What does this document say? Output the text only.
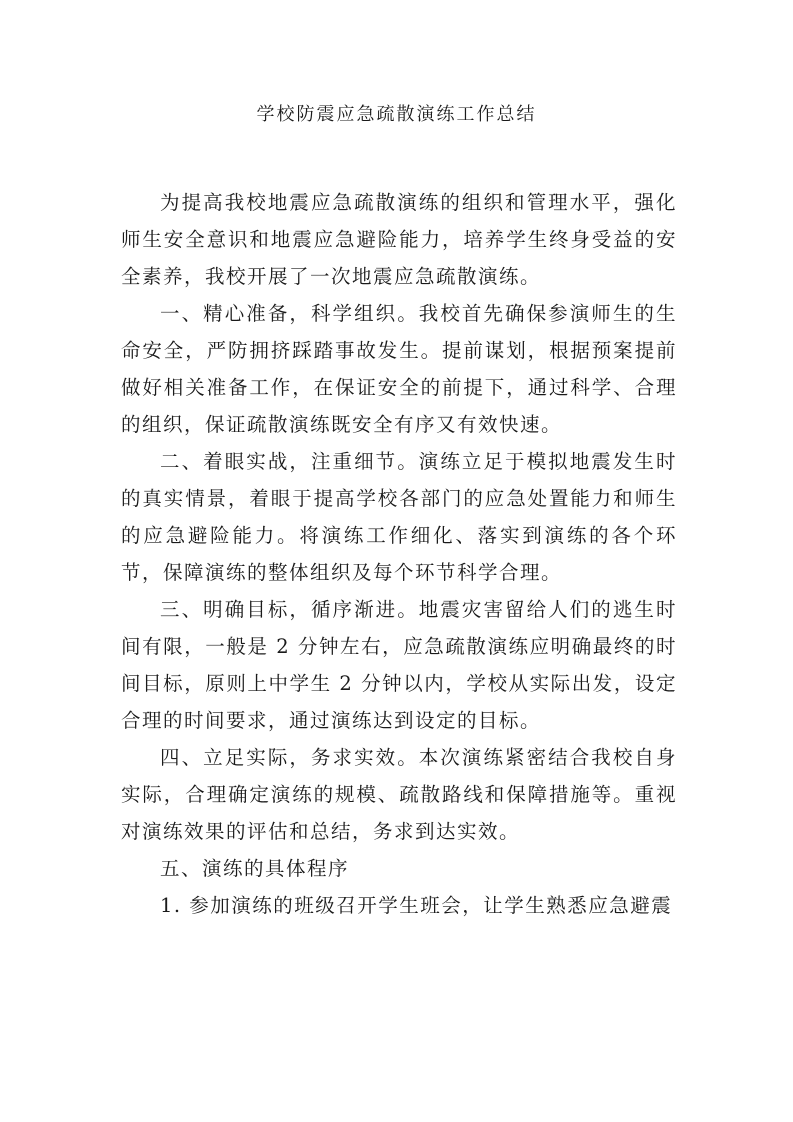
学校防震应急疏散演练工作总结

为提高我校地震应急疏散演练的组织和管理水平，强化师生安全意识和地震应急避险能力，培养学生终身受益的安全素养，我校开展了一次地震应急疏散演练。

一、精心准备，科学组织。我校首先确保参演师生的生命安全，严防拥挤踩踏事故发生。提前谋划，根据预案提前做好相关准备工作，在保证安全的前提下，通过科学、合理的组织，保证疏散演练既安全有序又有效快速。

二、着眼实战，注重细节。演练立足于模拟地震发生时的真实情景，着眼于提高学校各部门的应急处置能力和师生的应急避险能力。将演练工作细化、落实到演练的各个环节，保障演练的整体组织及每个环节科学合理。

三、明确目标，循序渐进。地震灾害留给人们的逃生时间有限，一般是 2 分钟左右，应急疏散演练应明确最终的时间目标，原则上中学生 2 分钟以内，学校从实际出发，设定合理的时间要求，通过演练达到设定的目标。

四、立足实际，务求实效。本次演练紧密结合我校自身实际，合理确定演练的规模、疏散路线和保障措施等。重视对演练效果的评估和总结，务求到达实效。

五、演练的具体程序

1. 参加演练的班级召开学生班会，让学生熟悉应急避震
